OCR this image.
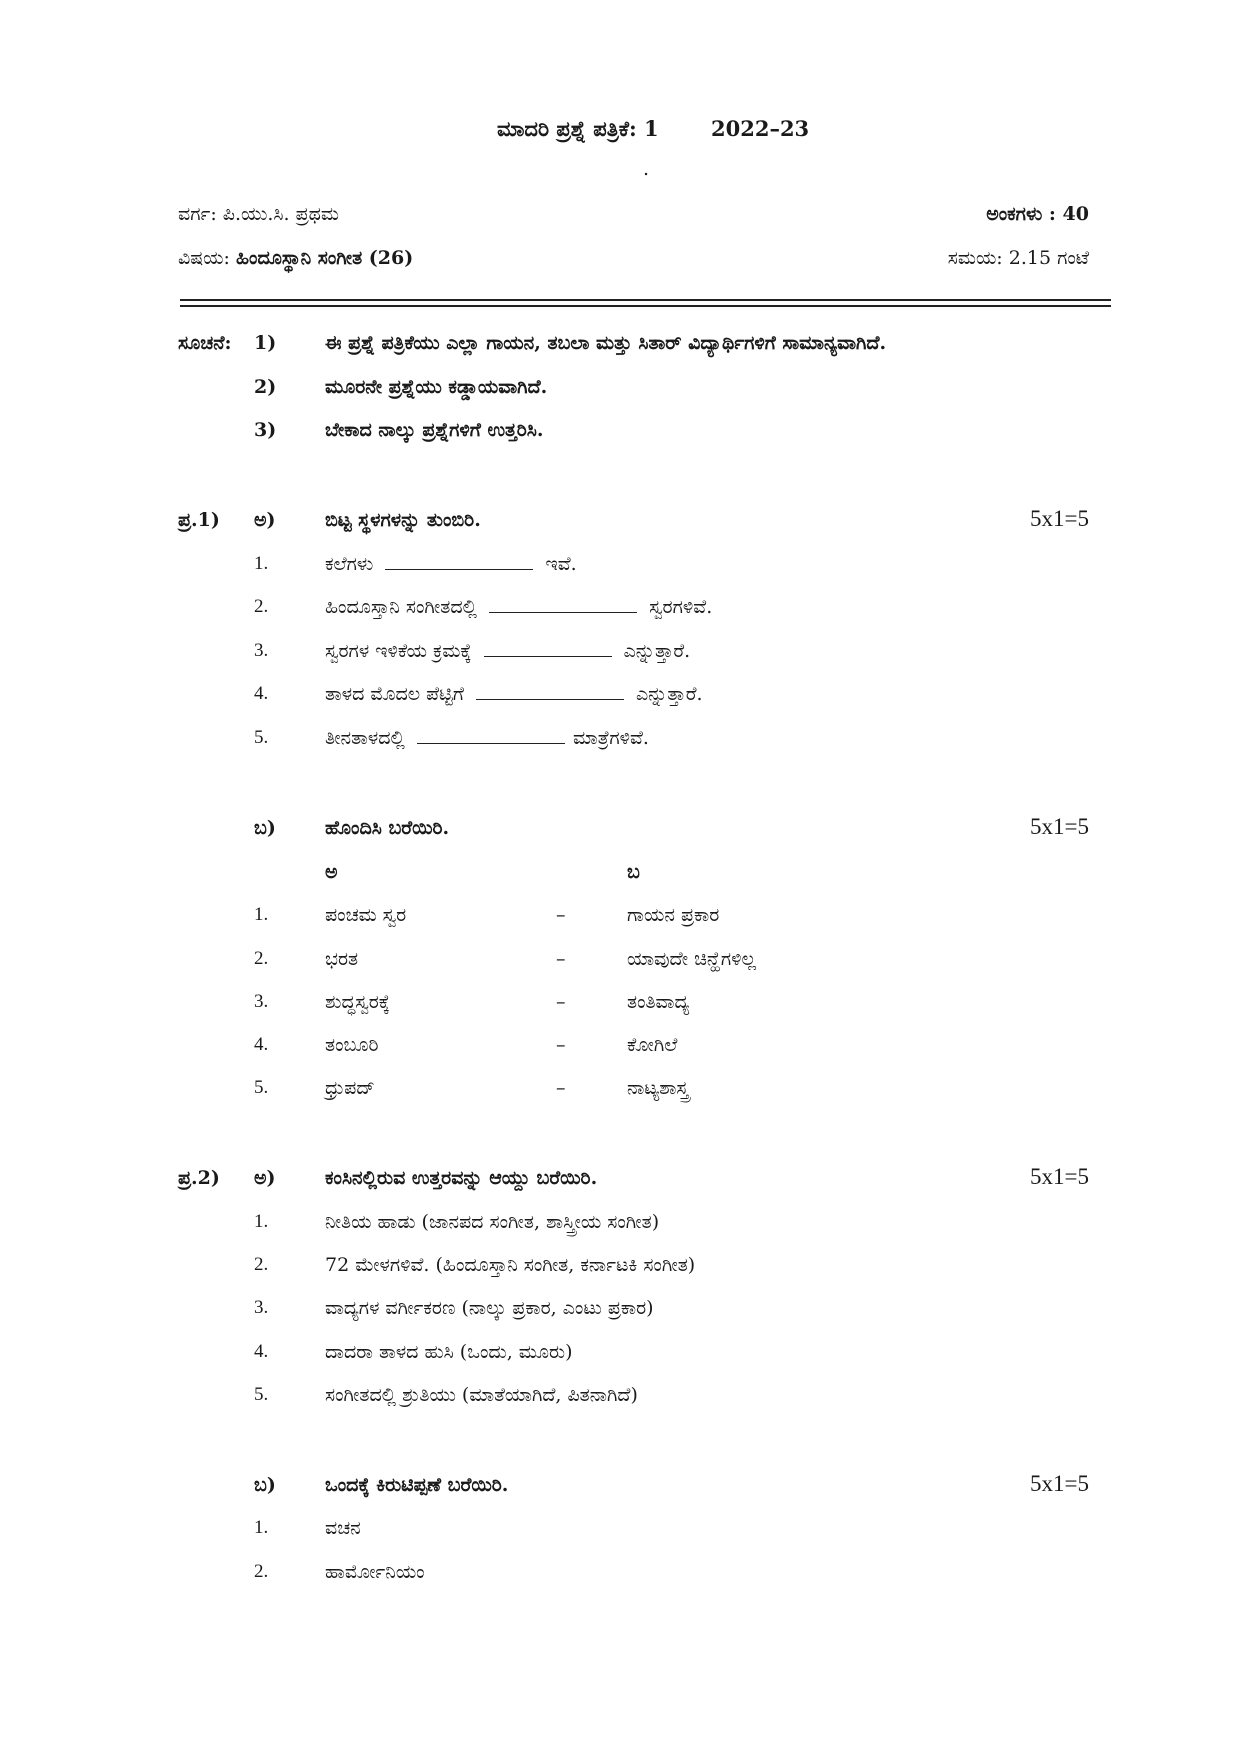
ಮಾದರಿ ಪ್ರಶ್ನೆ ಪತ್ರಿಕೆ: 1 2022–23
.
ವರ್ಗ: ಪಿ.ಯು.ಸಿ. ಪ್ರಥಮ	ಅಂಕಗಳು : 40
ವಿಷಯ: ಹಿಂದೂಸ್ಥಾನಿ ಸಂಗೀತ (26)	ಸಮಯ: 2.15 ಗಂಟೆ
ಸೂಚನೆ: 1)	ಈ ಪ್ರಶ್ನೆ ಪತ್ರಿಕೆಯು ಎಲ್ಲಾ ಗಾಯನ, ತಬಲಾ ಮತ್ತು ಸಿತಾರ್ ವಿದ್ಯಾರ್ಥಿಗಳಿಗೆ ಸಾಮಾನ್ಯವಾಗಿದೆ.
2)	ಮೂರನೇ ಪ್ರಶ್ನೆಯು ಕಡ್ಡಾಯವಾಗಿದೆ.
3)	ಬೇಕಾದ ನಾಲ್ಕು ಪ್ರಶ್ನೆಗಳಿಗೆ ಉತ್ತರಿಸಿ.
ಪ್ರ.1) ಅ)	ಬಿಟ್ಟ ಸ್ಥಳಗಳನ್ನು ತುಂಬಿರಿ.	5x1=5
1.	ಕಲೆಗಳು	ಇವೆ.
2.	ಹಿಂದೂಸ್ತಾನಿ ಸಂಗೀತದಲ್ಲಿ	ಸ್ವರಗಳಿವೆ.
3.	ಸ್ವರಗಳ ಇಳಿಕೆಯ ಕ್ರಮಕ್ಕೆ	ಎನ್ನುತ್ತಾರೆ.
4.	ತಾಳದ ಮೊದಲ ಪೆಟ್ಟಿಗೆ	ಎನ್ನುತ್ತಾರೆ.
5.	ತೀನತಾಳದಲ್ಲಿ	ಮಾತ್ರೆಗಳಿವೆ.
ಬ)	ಹೊಂದಿಸಿ ಬರೆಯಿರಿ.	5x1=5
ಅ	ಬ
1.	ಪಂಚಮ ಸ್ವರ	–	ಗಾಯನ ಪ್ರಕಾರ
2.	ಭರತ	–	ಯಾವುದೇ ಚಿನ್ಹೆಗಳಿಲ್ಲ
3.	ಶುದ್ಧಸ್ವರಕ್ಕೆ	–	ತಂತಿವಾದ್ಯ
4.	ತಂಬೂರಿ	–	ಕೋಗಿಲೆ
5.	ಧ್ರುಪದ್	–	ನಾಟ್ಯಶಾಸ್ತ್ರ
ಪ್ರ.2) ಅ)	ಕಂಸಿನಲ್ಲಿರುವ ಉತ್ತರವನ್ನು ಆಯ್ದು ಬರೆಯಿರಿ.	5x1=5
1.	ನೀತಿಯ ಹಾಡು (ಜಾನಪದ ಸಂಗೀತ, ಶಾಸ್ತ್ರೀಯ ಸಂಗೀತ)
2.	72 ಮೇಳಗಳಿವೆ. (ಹಿಂದೂಸ್ತಾನಿ ಸಂಗೀತ, ಕರ್ನಾಟಕಿ ಸಂಗೀತ)
3.	ವಾದ್ಯಗಳ ವರ್ಗೀಕರಣ (ನಾಲ್ಕು ಪ್ರಕಾರ, ಎಂಟು ಪ್ರಕಾರ)
4.	ದಾದರಾ ತಾಳದ ಹುಸಿ (ಒಂದು, ಮೂರು)
5.	ಸಂಗೀತದಲ್ಲಿ ಶ್ರುತಿಯು (ಮಾತೆಯಾಗಿದೆ, ಪಿತನಾಗಿದೆ)
ಬ)	ಒಂದಕ್ಕೆ ಕಿರುಟಿಪ್ಪಣೆ ಬರೆಯಿರಿ.	5x1=5
1.	ವಚನ
2.	ಹಾರ್ಮೋನಿಯಂ
